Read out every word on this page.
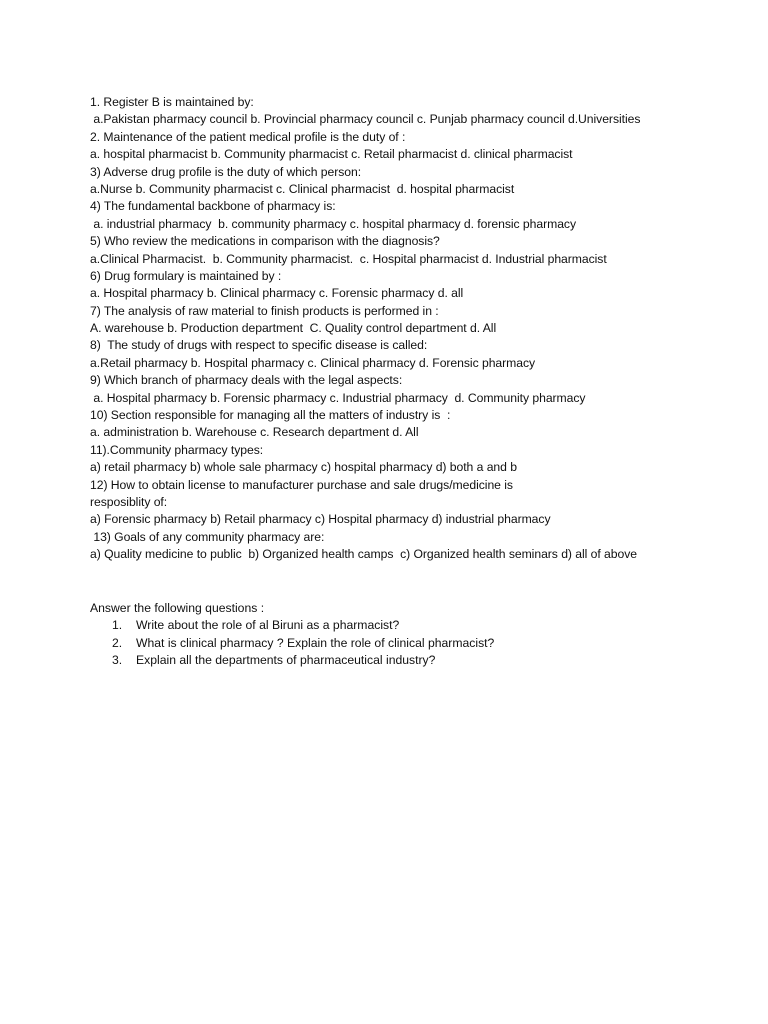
1. Register B is maintained by:
a.Pakistan pharmacy council b. Provincial pharmacy council c. Punjab pharmacy council d.Universities
2. Maintenance of the patient medical profile is the duty of :
a. hospital pharmacist b. Community pharmacist c. Retail pharmacist d. clinical pharmacist
3) Adverse drug profile is the duty of which person:
a.Nurse b. Community pharmacist c. Clinical pharmacist  d. hospital pharmacist
4) The fundamental backbone of pharmacy is:
a. industrial pharmacy  b. community pharmacy c. hospital pharmacy d. forensic pharmacy
5) Who review the medications in comparison with the diagnosis?
a.Clinical Pharmacist.  b. Community pharmacist.  c. Hospital pharmacist d. Industrial pharmacist
6) Drug formulary is maintained by :
a. Hospital pharmacy b. Clinical pharmacy c. Forensic pharmacy d. all
7) The analysis of raw material to finish products is performed in :
A. warehouse b. Production department  C. Quality control department d. All
8)  The study of drugs with respect to specific disease is called:
a.Retail pharmacy b. Hospital pharmacy c. Clinical pharmacy d. Forensic pharmacy
9) Which branch of pharmacy deals with the legal aspects:
a. Hospital pharmacy b. Forensic pharmacy c. Industrial pharmacy  d. Community pharmacy
10) Section responsible for managing all the matters of industry is  :
a. administration b. Warehouse c. Research department d. All
11).Community pharmacy types:
a) retail pharmacy b) whole sale pharmacy c) hospital pharmacy d) both a and b
12) How to obtain license to manufacturer purchase and sale drugs/medicine is
resposiblity of:
a) Forensic pharmacy b) Retail pharmacy c) Hospital pharmacy d) industrial pharmacy
13) Goals of any community pharmacy are:
a) Quality medicine to public  b) Organized health camps  c) Organized health seminars d) all of above
Answer the following questions :
1.	Write about the role of al Biruni as a pharmacist?
2.	What is clinical pharmacy ? Explain the role of clinical pharmacist?
3.	Explain all the departments of pharmaceutical industry?
